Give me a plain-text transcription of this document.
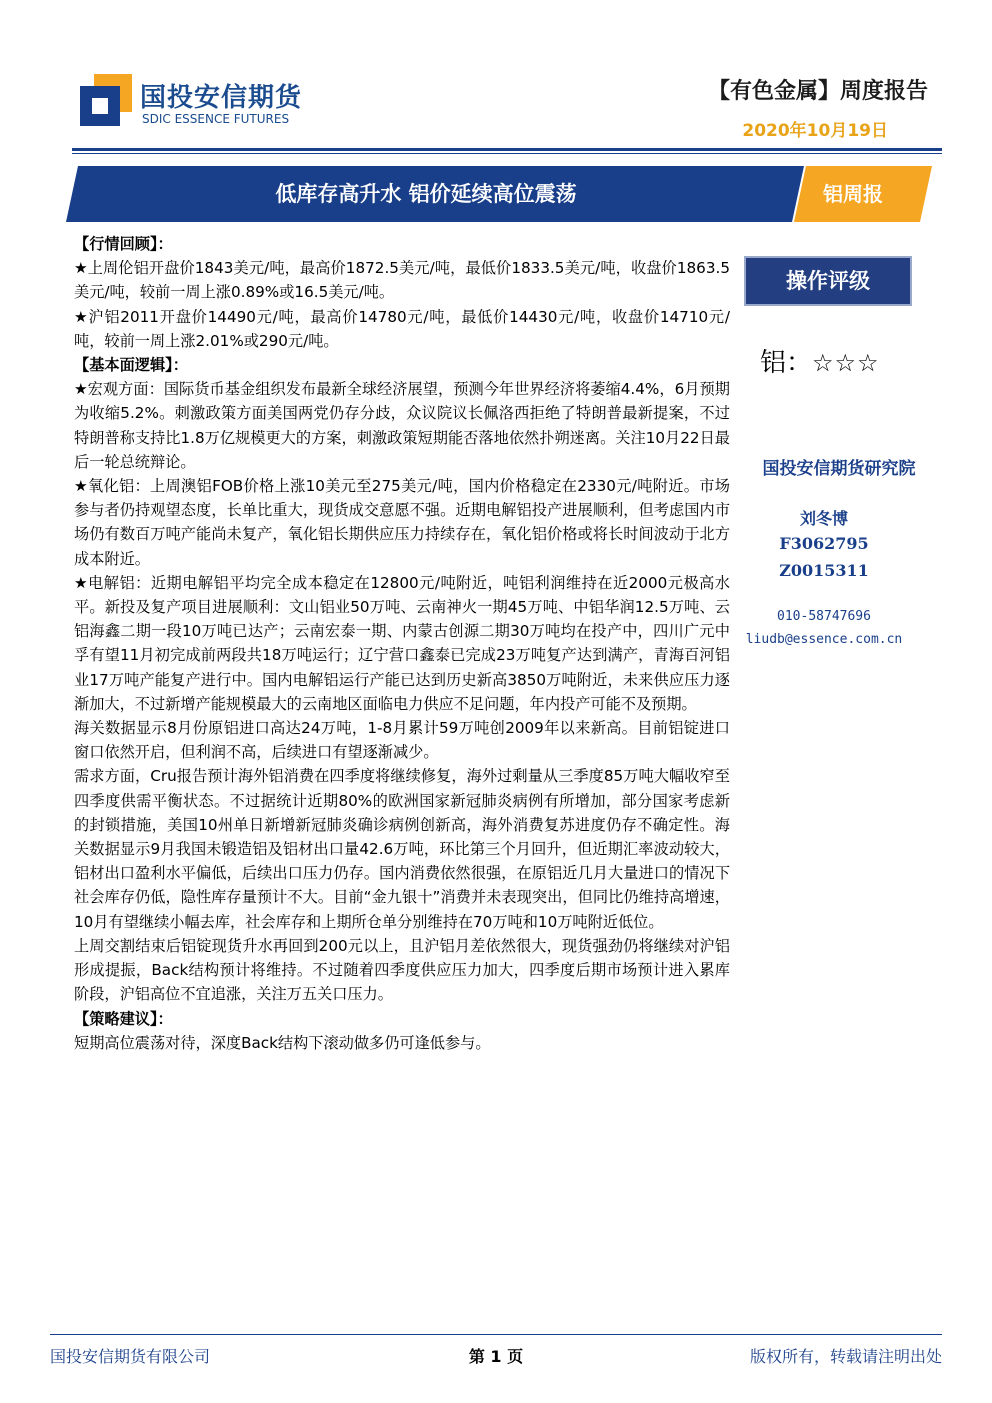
国投安信期货
SDIC ESSENCE FUTURES
【有色金属】周度报告
2020年10月19日
低库存高升水 铝价延续高位震荡	铝周报

【行情回顾】：

★上周伦铝开盘价1843美元/吨，最高价1872.5美元/吨，最低价1833.5美元/吨，收盘价1863.5美元/吨，较前一周上涨0.89%或16.5美元/吨。

★沪铝2011开盘价14490元/吨，最高价14780元/吨，最低价14430元/吨，收盘价14710元/吨，较前一周上涨2.01%或290元/吨。

【基本面逻辑】：

★宏观方面：国际货币基金组织发布最新全球经济展望，预测今年世界经济将萎缩4.4%，6月预期为收缩5.2%。刺激政策方面美国两党仍存分歧，众议院议长佩洛西拒绝了特朗普最新提案，不过特朗普称支持比1.8万亿规模更大的方案，刺激政策短期能否落地依然扑朔迷离。关注10月22日最后一轮总统辩论。

★氧化铝：上周澳铝FOB价格上涨10美元至275美元/吨，国内价格稳定在2330元/吨附近。市场参与者仍持观望态度，长单比重大，现货成交意愿不强。近期电解铝投产进展顺利，但考虑国内市场仍有数百万吨产能尚未复产，氧化铝长期供应压力持续存在，氧化铝价格或将长时间波动于北方成本附近。

★电解铝：近期电解铝平均完全成本稳定在12800元/吨附近，吨铝利润维持在近2000元极高水平。新投及复产项目进展顺利：文山铝业50万吨、云南神火一期45万吨、中铝华润12.5万吨、云铝海鑫二期一段10万吨已达产；云南宏泰一期、内蒙古创源二期30万吨均在投产中，四川广元中孚有望11月初完成前两段共18万吨运行；辽宁营口鑫泰已完成23万吨复产达到满产，青海百河铝业17万吨产能复产进行中。国内电解铝运行产能已达到历史新高3850万吨附近，未来供应压力逐渐加大，不过新增产能规模最大的云南地区面临电力供应不足问题，年内投产可能不及预期。

海关数据显示8月份原铝进口高达24万吨，1-8月累计59万吨创2009年以来新高。目前铝锭进口窗口依然开启，但利润不高，后续进口有望逐渐减少。

需求方面，Cru报告预计海外铝消费在四季度将继续修复，海外过剩量从三季度85万吨大幅收窄至四季度供需平衡状态。不过据统计近期80%的欧洲国家新冠肺炎病例有所增加，部分国家考虑新的封锁措施，美国10州单日新增新冠肺炎确诊病例创新高，海外消费复苏进度仍存不确定性。海关数据显示9月我国未锻造铝及铝材出口量42.6万吨，环比第三个月回升，但近期汇率波动较大，铝材出口盈利水平偏低，后续出口压力仍存。国内消费依然很强，在原铝近几月大量进口的情况下社会库存仍低，隐性库存量预计不大。目前“金九银十”消费并未表现突出，但同比仍维持高增速，10月有望继续小幅去库，社会库存和上期所仓单分别维持在70万吨和10万吨附近低位。

上周交割结束后铝锭现货升水再回到200元以上，且沪铝月差依然很大，现货强劲仍将继续对沪铝形成提振，Back结构预计将维持。不过随着四季度供应压力加大，四季度后期市场预计进入累库阶段，沪铝高位不宜追涨，关注万五关口压力。

【策略建议】：

短期高位震荡对待，深度Back结构下滚动做多仍可逢低参与。

操作评级
铝：☆☆☆
国投安信期货研究院
刘冬博
F3062795
Z0015311
010-58747696
liudb@essence.com.cn
国投安信期货有限公司	第 1 页	版权所有，转载请注明出处
